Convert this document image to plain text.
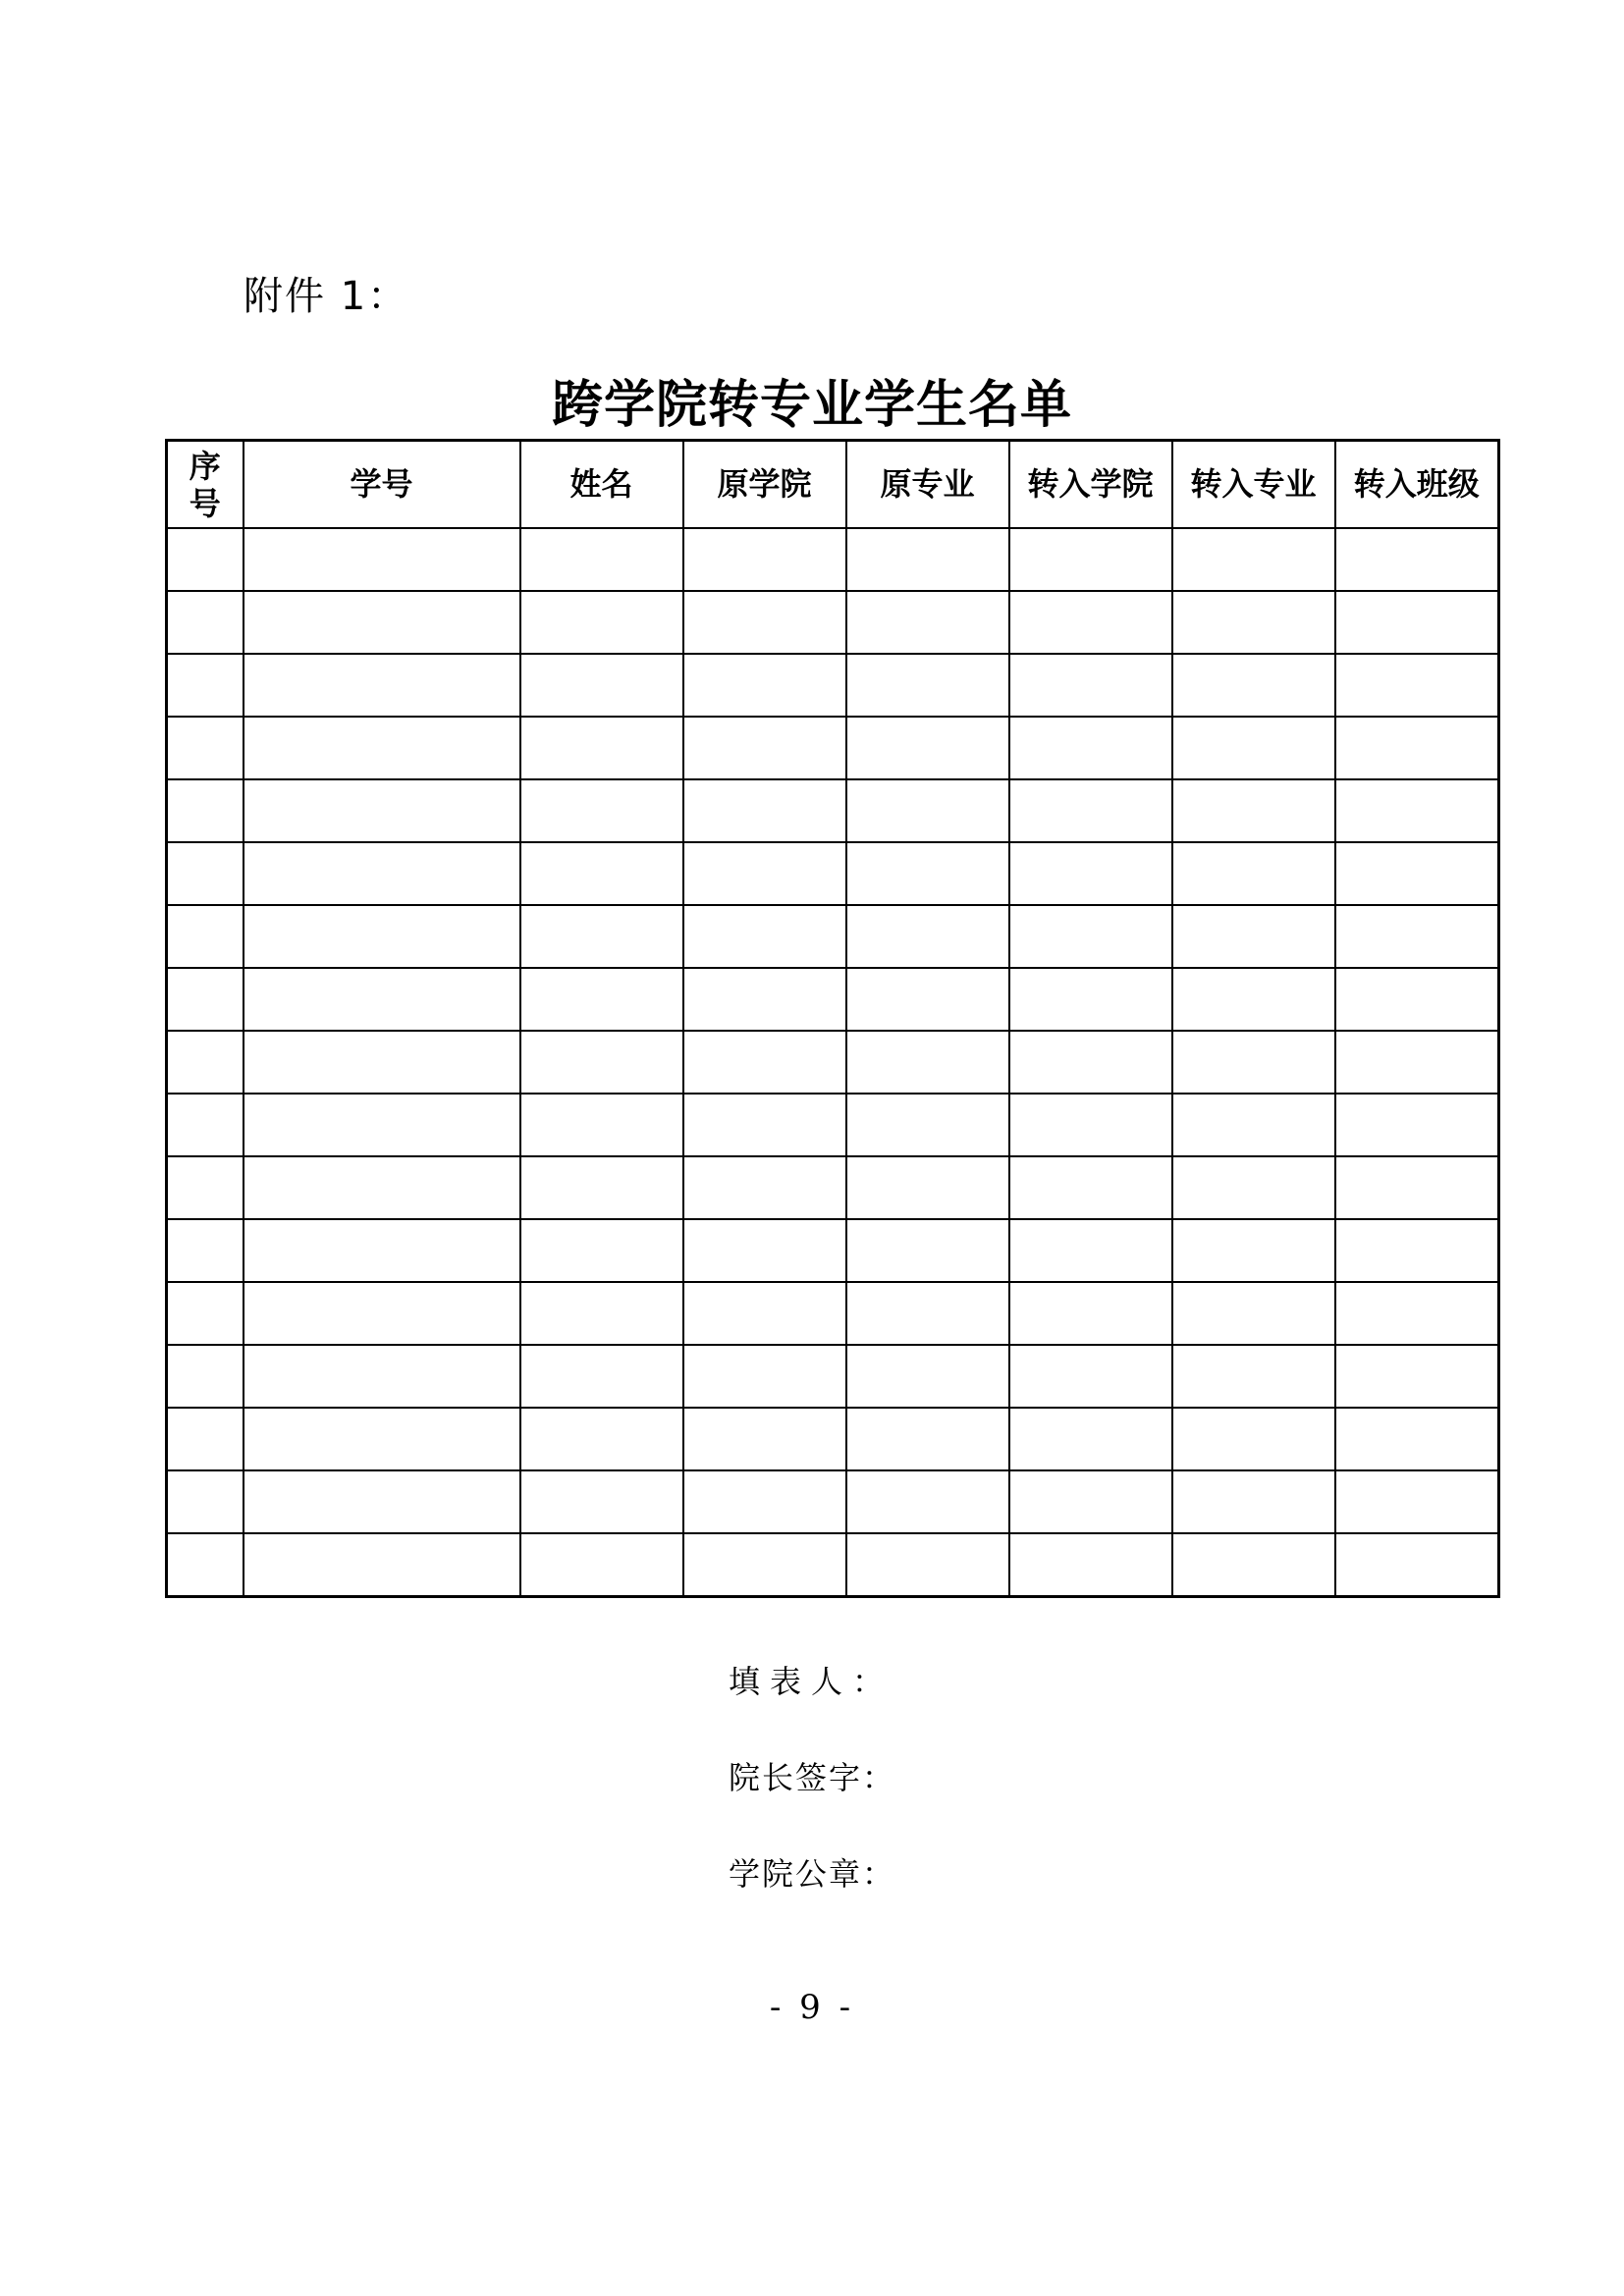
附件 1：
跨学院转专业学生名单
序
号	学号	姓名	原学院	原专业	转入学院	转入专业	转入班级

填表人：
院长签字：
学院公章：
- 9 -
